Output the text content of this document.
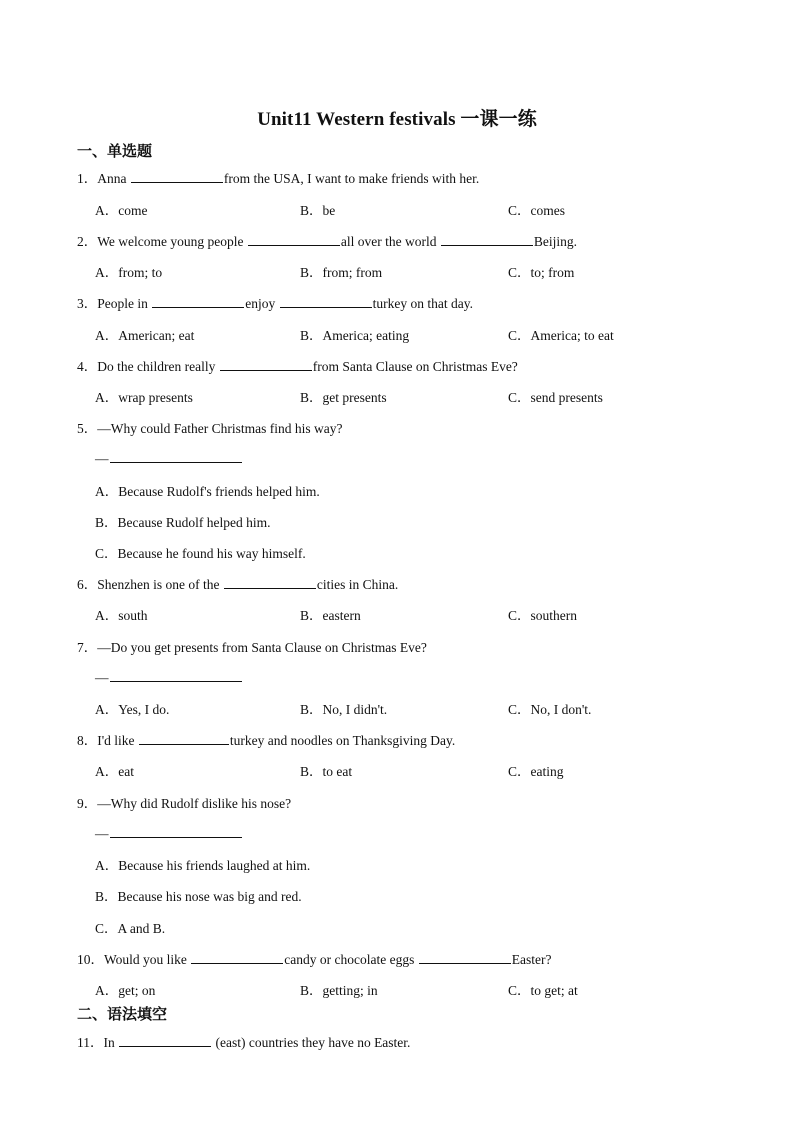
Unit11 Western festivals 一课一练
一、单选题
1．Anna	from the USA, I want to make friends with her.
A．come	B．be	C．comes
2．We welcome young people	all over the world	Beijing.
A．from; to	B．from; from	C．to; from
3．People in	enjoy	turkey on that day.
A．American; eat	B．America; eating	C．America; to eat
4．Do the children really	from Santa Clause on Christmas Eve?
A．wrap presents	B．get presents	C．send presents
5．—Why could Father Christmas find his way?
—
A．Because Rudolf's friends helped him.
B．Because Rudolf helped him.
C．Because he found his way himself.
6．Shenzhen is one of the	cities in China.
A．south	B．eastern	C．southern
7．—Do you get presents from Santa Clause on Christmas Eve?
—
A．Yes, I do.	B．No, I didn't.	C．No, I don't.
8．I'd like	turkey and noodles on Thanksgiving Day.
A．eat	B．to eat	C．eating
9．—Why did Rudolf dislike his nose?
—
A．Because his friends laughed at him.
B．Because his nose was big and red.
C．A and B.
10．Would you like	candy or chocolate eggs	Easter?
A．get; on	B．getting; in	C．to get; at
二、语法填空
11．In	(east) countries they have no Easter.
